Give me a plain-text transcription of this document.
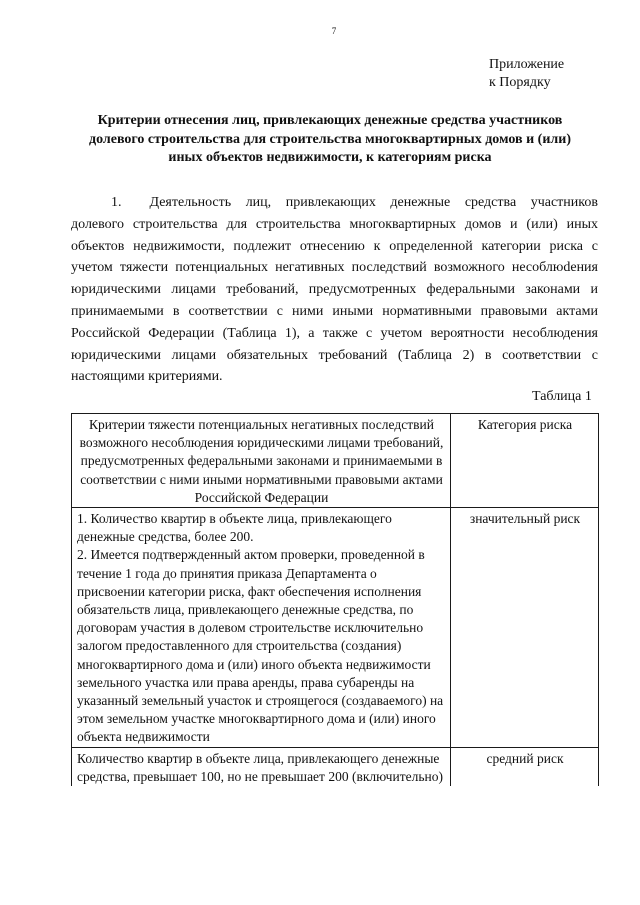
7
Приложение
к Порядку
Критерии отнесения лиц, привлекающих денежные средства участников
долевого строительства для строительства многоквартирных домов и (или)
иных объектов недвижимости, к категориям риска

1.  Деятельность лиц, привлекающих денежные средства участников долевого строительства для строительства многоквартирных домов и (или) иных объектов недвижимости, подлежит отнесению к определенной категории риска с учетом тяжести потенциальных негативных последствий возможного несоблюdения юридическими лицами требований, предусмотренных федеральными законами и принимаемыми в соответствии с ними иными нормативными правовыми актами Российской Федерации (Таблица 1), а также с учетом вероятности несоблюдения юридическими лицами обязательных требований (Таблица 2) в соответствии с настоящими критериями.

Таблица 1
Критерии тяжести потенциальных негативных последствий возможного несоблюдения юридическими лицами требований, предусмотренных федеральными законами и принимаемыми в соответствии с ними иными нормативными правовыми актами Российской Федерации	Категория риска

1. Количество квартир в объекте лица, привлекающего денежные средства, более 200.
2. Имеется подтвержденный актом проверки, проведенной в течение 1 года до принятия приказа Департамента о присвоении категории риска, факт обеспечения исполнения обязательств лица, привлекающего денежные средства, по договорам участия в долевом строительстве исключительно залогом предоставленного для строительства (создания) многоквартирного дома и (или) иного объекта недвижимости земельного участка или права аренды, права субаренды на указанный земельный участок и строящегося (создаваемого) на этом земельном участке многоквартирного дома и (или) иного объекта недвижимости	значительный риск

Количество квартир в объекте лица, привлекающего денежные средства, превышает 100, но не превышает 200 (включительно)	средний риск
